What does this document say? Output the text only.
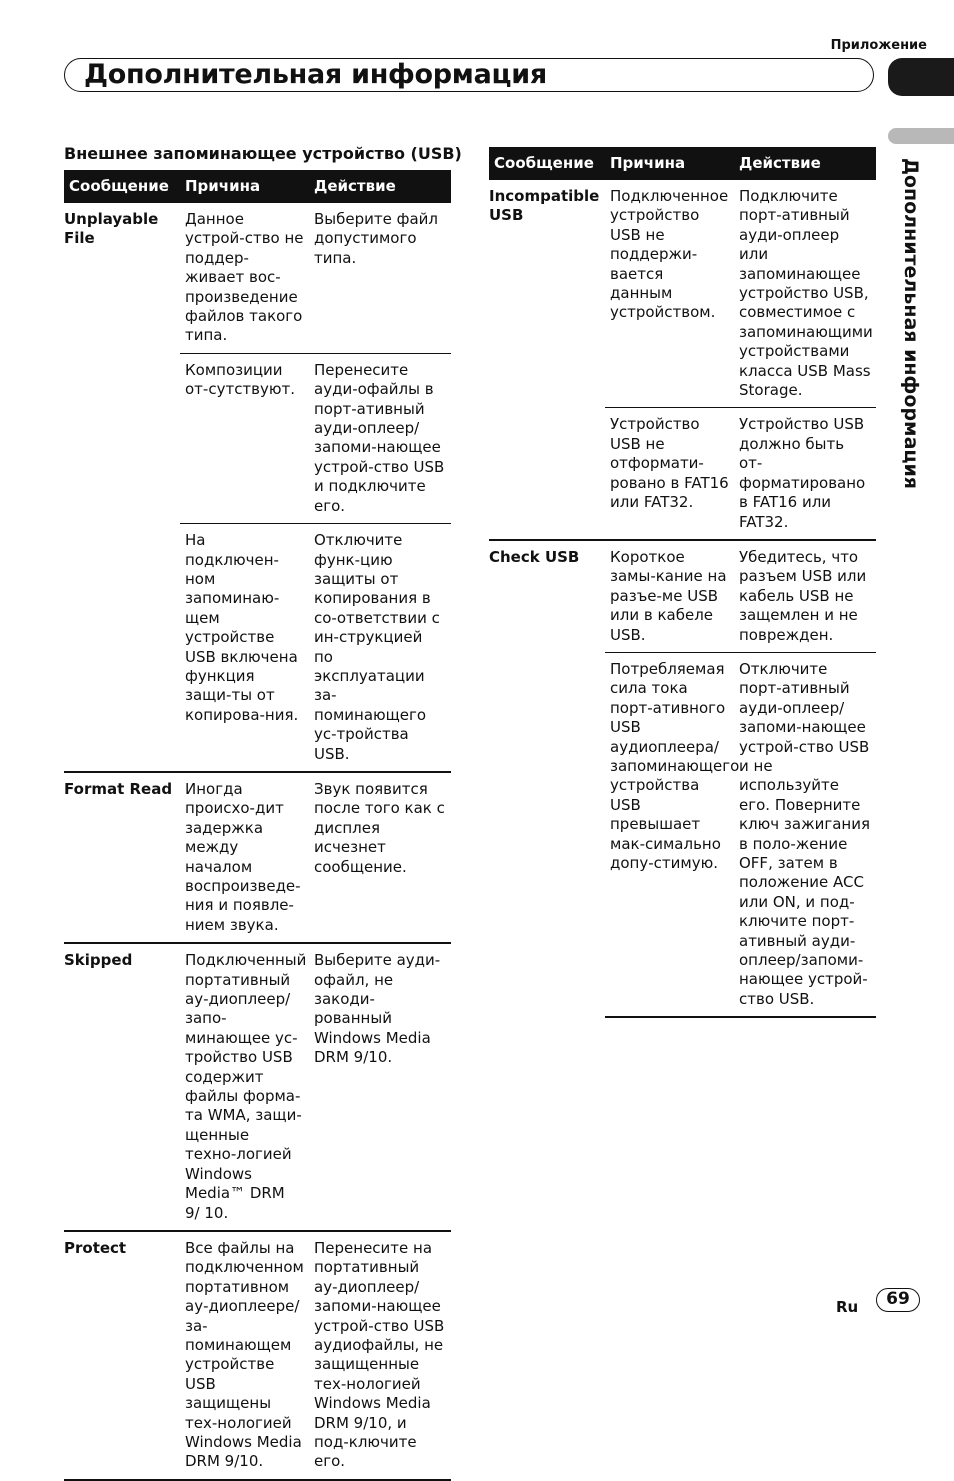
Приложение
Дополнительная информация
Дополнительная информация
Внешнее запоминающее устройство (USB)
Сообщение	Причина	Действие
Unplayable File	Данное устрой-ство не поддер-живает вос-произведение файлов такого типа.	Выберите файл допустимого типа.
	Композиции от-сутствуют.	Перенесите ауди-офайлы в порт-ативный ауди-оплеер/запоми-нающее устрой-ство USB и подключите его.
	На подключен-ном запоминаю-щем устройстве USB включена функция защи-ты от копирова-ния.	Отключите функ-цию защиты от копирования в со-ответствии с ин-струкцией по эксплуатации за-поминающего ус-тройства USB.
Format Read	Иногда происхо-дит задержка между началом воспроизведе-ния и появле-нием звука.	Звук появится после того как с дисплея исчезнет сообщение.
Skipped	Подключенный портативный ау-диоплеер/запо-минающее ус-тройство USB содержит файлы форма-та WMA, защи-щенные техно-логией Windows Media™ DRM 9/ 10.	Выберите ауди-офайл, не закоди-рованный Windows Media DRM 9/10.
Protect	Все файлы на подключенном портативном ау-диоплеере/за-поминающем устройстве USB защищены тех-нологией Windows Media DRM 9/10.	Перенесите на портативный ау-диоплеер/запоми-нающее устрой-ство USB аудиофайлы, не защищенные тех-нологией Windows Media DRM 9/10, и под-ключите его.
Сообщение	Причина	Действие
Incompatible USB	Подключенное устройство USB не поддержи-вается данным устройством.	Подключите порт-ативный ауди-оплеер или запоминающее устройство USB, совместимое с запоминающими устройствами класса USB Mass Storage.
	Устройство USB не отформати-ровано в FAT16 или FAT32.	Устройство USB должно быть от-форматировано в FAT16 или FAT32.
Check USB	Короткое замы-кание на разъе-ме USB или в кабеле USB.	Убедитесь, что разъем USB или кабель USB не защемлен и не поврежден.
	Потребляемая сила тока порт-ативного USB аудиоплеера/ запоминающего устройства USB превышает мак-симально допу-стимую.	Отключите порт-ативный ауди-оплеер/запоми-нающее устрой-ство USB и не используйте его. Поверните ключ зажигания в поло-жение OFF, затем в положение ACC или ON, и под-ключите порт-ативный ауди-оплеер/запоми-нающее устрой-ство USB.
Ru	69
